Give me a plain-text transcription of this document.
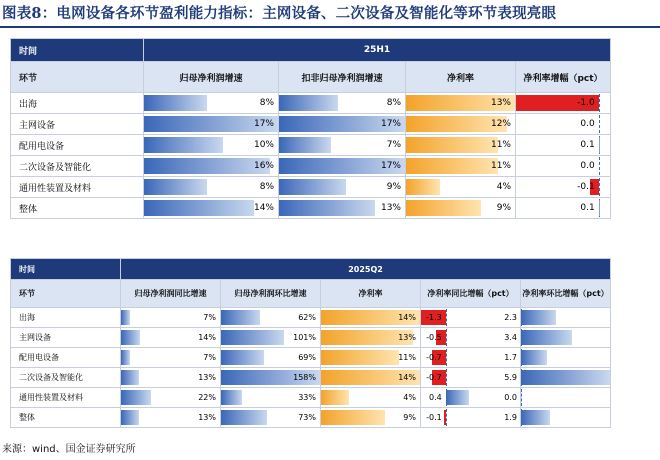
图表8：电网设备各环节盈利能力指标：主网设备、二次设备及智能化等环节表现亮眼
时间	25H1			
环节	归母净利润增速	扣非归母净利润增速	净利率	净利率增幅（pct）
出海	8%	8%	13%	-1.0

主网设备	17%	17%	12%	0.0

配用电设备	10%	7%	11%	0.1

二次设备及智能化	16%	17%	11%	0.0

通用性装置及材料	8%	9%	4%	-0.1

整体	14%	13%	9%	0.1
时间	2025Q2				
环节	归母净利润同比增速	归母净利润环比增速	净利率	净利率同比增幅（pct）	净利率环比增幅（pct）
出海	7%	62%	14%	-1.3	2.3

主网设备	14%	101%	13%	-0.5	3.4

配用电设备	7%	69%	11%	-0.7	1.7

二次设备及智能化	13%	158%	14%	-0.7	5.9

通用性装置及材料	22%	33%	4%	0.4	0.0

整体	13%	73%	9%	-0.1	1.9
来源：wind、国金证券研究所
